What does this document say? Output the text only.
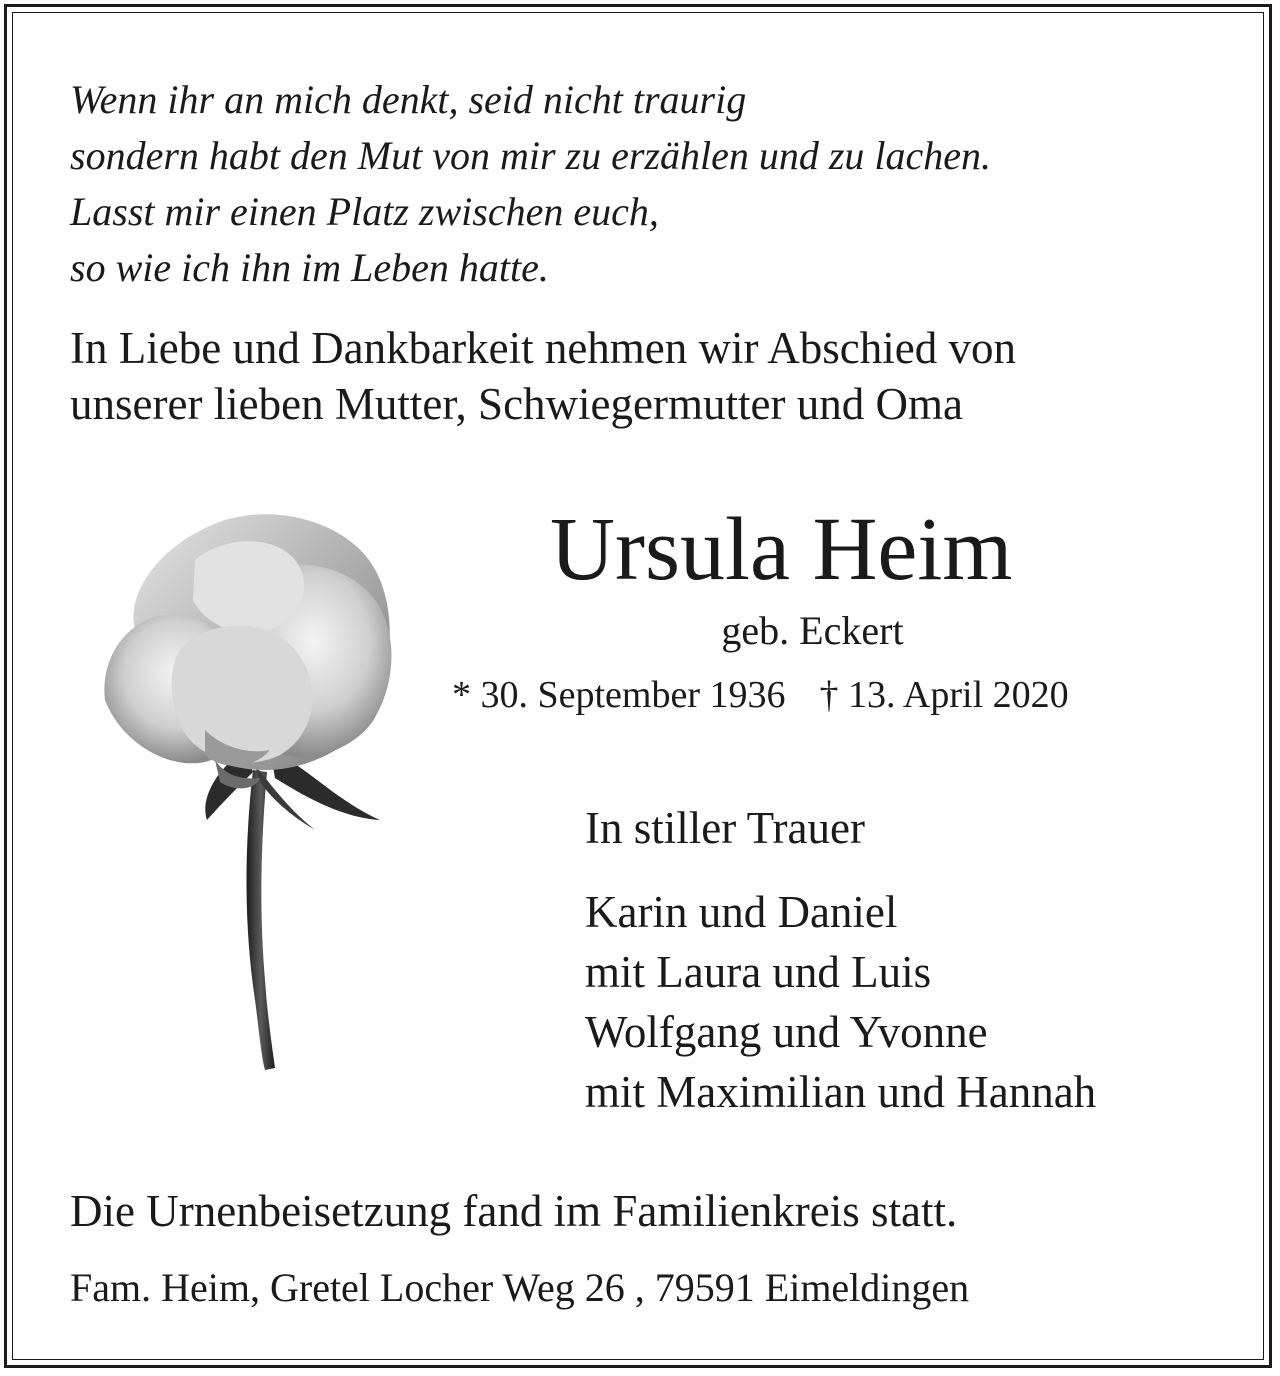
Wenn ihr an mich denkt, seid nicht traurig
sondern habt den Mut von mir zu erzählen und zu lachen.
Lasst mir einen Platz zwischen euch,
so wie ich ihn im Leben hatte.
In Liebe und Dankbarkeit nehmen wir Abschied von
unserer lieben Mutter, Schwiegermutter und Oma
Ursula Heim
geb. Eckert
* 30. September 1936 † 13. April 2020
In stiller Trauer
Karin und Daniel
mit Laura und Luis
Wolfgang und Yvonne
mit Maximilian und Hannah
Die Urnenbeisetzung fand im Familienkreis statt.
Fam. Heim, Gretel Locher Weg 26 , 79591 Eimeldingen
